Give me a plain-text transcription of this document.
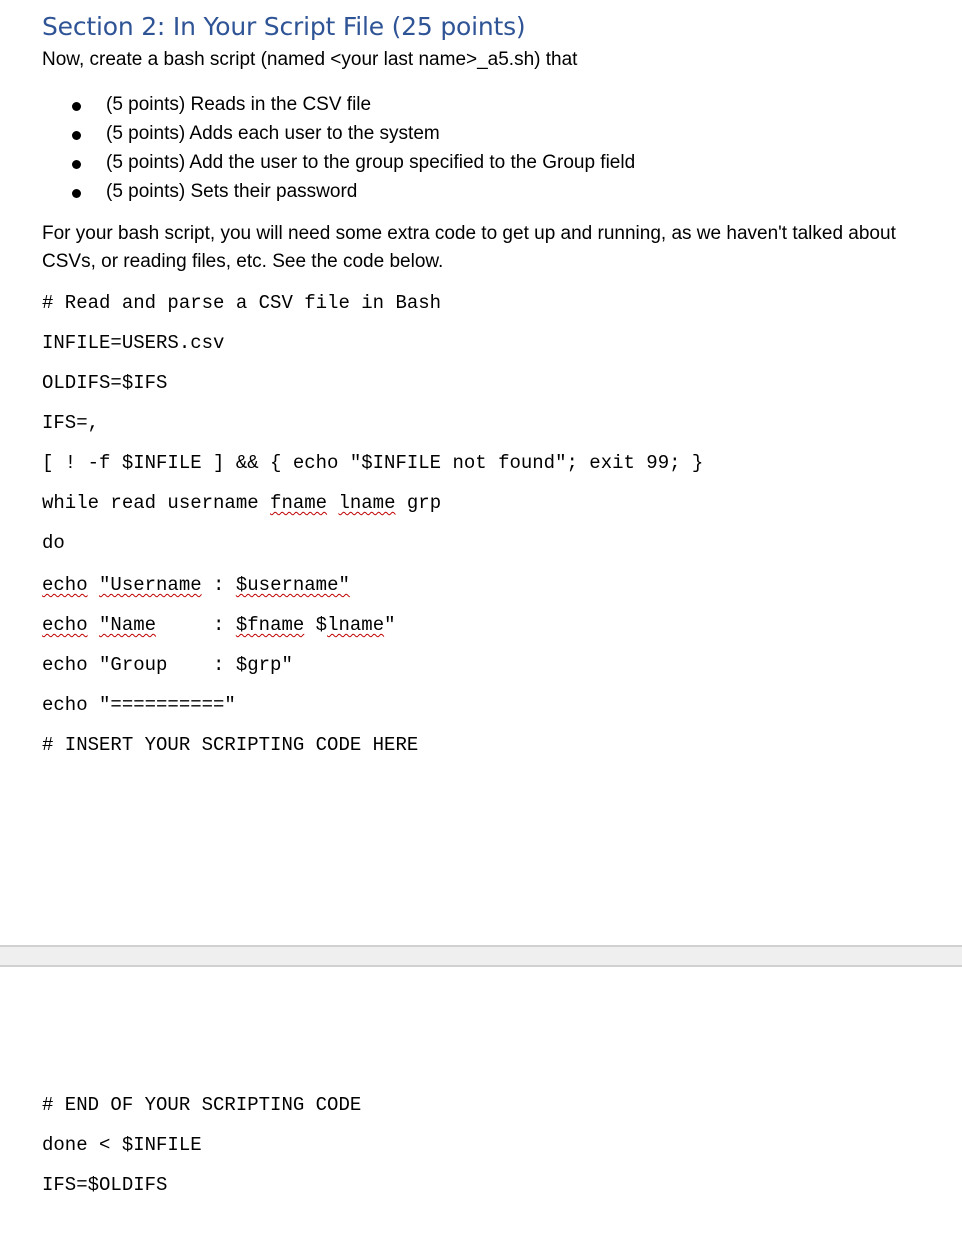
Section 2: In Your Script File (25 points)
Now, create a bash script (named <your last name>_a5.sh) that
(5 points) Reads in the CSV file
(5 points) Adds each user to the system
(5 points) Add the user to the group specified to the Group field
(5 points) Sets their password
For your bash script, you will need some extra code to get up and running, as we haven't talked about CSVs, or reading files, etc. See the code below.
# Read and parse a CSV file in Bash
INFILE=USERS.csv
OLDIFS=$IFS
IFS=,
[ ! -f $INFILE ] && { echo "$INFILE not found"; exit 99; }
while read username fname lname grp
do
echo "Username : $username"
echo "Name     : $fname $lname"
echo "Group    : $grp"
echo "=========="
# INSERT YOUR SCRIPTING CODE HERE
# END OF YOUR SCRIPTING CODE
done < $INFILE
IFS=$OLDIFS
